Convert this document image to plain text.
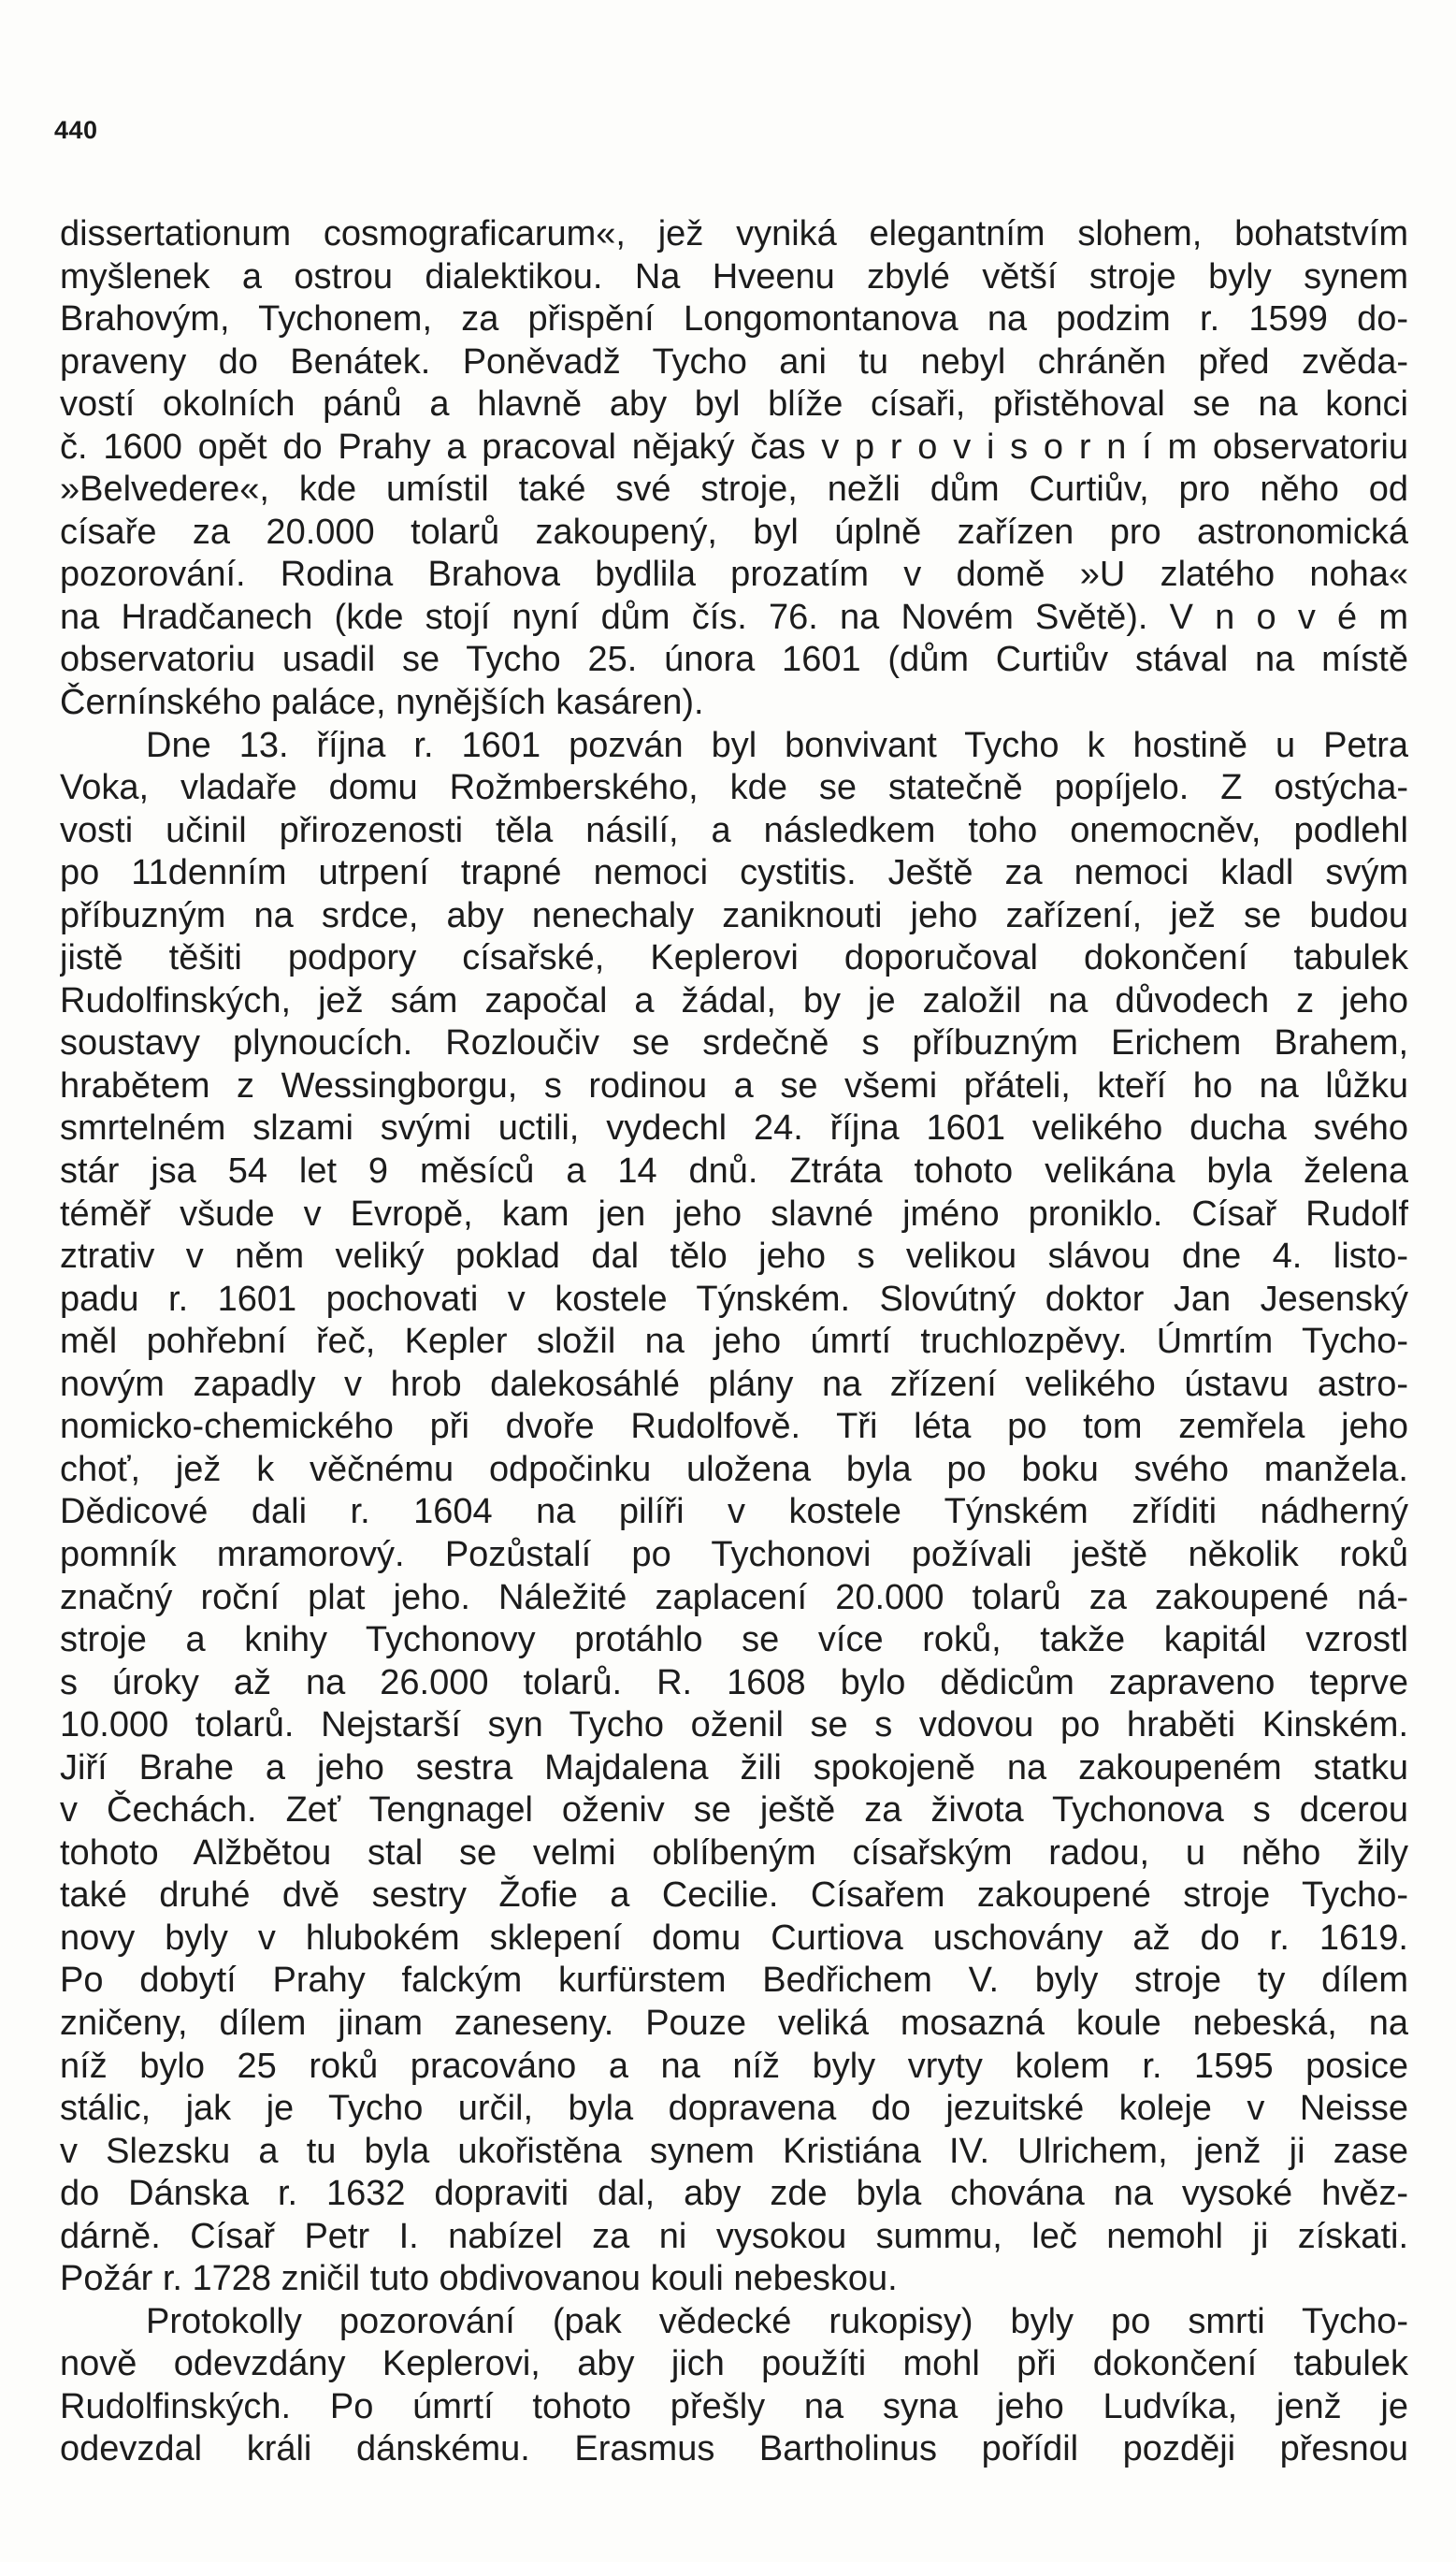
440
dissertationum cosmograficarum«, jež vyniká elegantním slohem, bohatstvím
myšlenek a ostrou dialektikou. Na Hveenu zbylé větší stroje byly synem
Brahovým, Tychonem, za přispění Longomontanova na podzim r. 1599 do-
praveny do Benátek. Poněvadž Tycho ani tu nebyl chráněn před zvěda-
vostí okolních pánů a hlavně aby byl blíže císaři, přistěhoval se na konci
č. 1600 opět do Prahy a pracoval nějaký čas v p r o v i s o r n í m observatoriu
»Belvedere«, kde umístil také své stroje, nežli dům Curtiův, pro něho od
císaře za 20.000 tolarů zakoupený, byl úplně zařízen pro astronomická
pozorování. Rodina Brahova bydlila prozatím v domě »U zlatého noha«
na Hradčanech (kde stojí nyní dům čís. 76. na Novém Světě). V n o v é m
observatoriu usadil se Tycho 25. února 1601 (dům Curtiův stával na místě
Černínského paláce, nynějších kasáren).
Dne 13. října r. 1601 pozván byl bonvivant Tycho k hostině u Petra
Voka, vladaře domu Rožmberského, kde se statečně popíjelo. Z ostýcha-
vosti učinil přirozenosti těla násilí, a následkem toho onemocněv, podlehl
po 11denním utrpení trapné nemoci cystitis. Ještě za nemoci kladl svým
příbuzným na srdce, aby nenechaly zaniknouti jeho zařízení, jež se budou
jistě těšiti podpory císařské, Keplerovi doporučoval dokončení tabulek
Rudolfinských, jež sám započal a žádal, by je založil na důvodech z jeho
soustavy plynoucích. Rozloučiv se srdečně s příbuzným Erichem Brahem,
hrabětem z Wessingborgu, s rodinou a se všemi přáteli, kteří ho na lůžku
smrtelném slzami svými uctili, vydechl 24. října 1601 velikého ducha svého
stár jsa 54 let 9 měsíců a 14 dnů. Ztráta tohoto velikána byla želena
téměř všude v Evropě, kam jen jeho slavné jméno proniklo. Císař Rudolf
ztrativ v něm veliký poklad dal tělo jeho s velikou slávou dne 4. listo-
padu r. 1601 pochovati v kostele Týnském. Slovútný doktor Jan Jesenský
měl pohřební řeč, Kepler složil na jeho úmrtí truchlozpěvy. Úmrtím Tycho-
novým zapadly v hrob dalekosáhlé plány na zřízení velikého ústavu astro-
nomicko-chemického při dvoře Rudolfově. Tři léta po tom zemřela jeho
choť, jež k věčnému odpočinku uložena byla po boku svého manžela.
Dědicové dali r. 1604 na pilíři v kostele Týnském zříditi nádherný
pomník mramorový. Pozůstalí po Tychonovi požívali ještě několik roků
značný roční plat jeho. Náležité zaplacení 20.000 tolarů za zakoupené ná-
stroje a knihy Tychonovy protáhlo se více roků, takže kapitál vzrostl
s úroky až na 26.000 tolarů. R. 1608 bylo dědicům zapraveno teprve
10.000 tolarů. Nejstarší syn Tycho oženil se s vdovou po hraběti Kinském.
Jiří Brahe a jeho sestra Majdalena žili spokojeně na zakoupeném statku
v Čechách. Zeť Tengnagel oženiv se ještě za života Tychonova s dcerou
tohoto Alžbětou stal se velmi oblíbeným císařským radou, u něho žily
také druhé dvě sestry Žofie a Cecilie. Císařem zakoupené stroje Tycho-
novy byly v hlubokém sklepení domu Curtiova uschovány až do r. 1619.
Po dobytí Prahy falckým kurfürstem Bedřichem V. byly stroje ty dílem
zničeny, dílem jinam zaneseny. Pouze veliká mosazná koule nebeská, na
níž bylo 25 roků pracováno a na níž byly vryty kolem r. 1595 posice
stálic, jak je Tycho určil, byla dopravena do jezuitské koleje v Neisse
v Slezsku a tu byla ukořistěna synem Kristiána IV. Ulrichem, jenž ji zase
do Dánska r. 1632 dopraviti dal, aby zde byla chována na vysoké hvěz-
dárně. Císař Petr I. nabízel za ni vysokou summu, leč nemohl ji získati.
Požár r. 1728 zničil tuto obdivovanou kouli nebeskou.
Protokolly pozorování (pak vědecké rukopisy) byly po smrti Tycho-
nově odevzdány Keplerovi, aby jich použíti mohl při dokončení tabulek
Rudolfinských. Po úmrtí tohoto přešly na syna jeho Ludvíka, jenž je
odevzdal králi dánskému. Erasmus Bartholinus pořídil později přesnou
